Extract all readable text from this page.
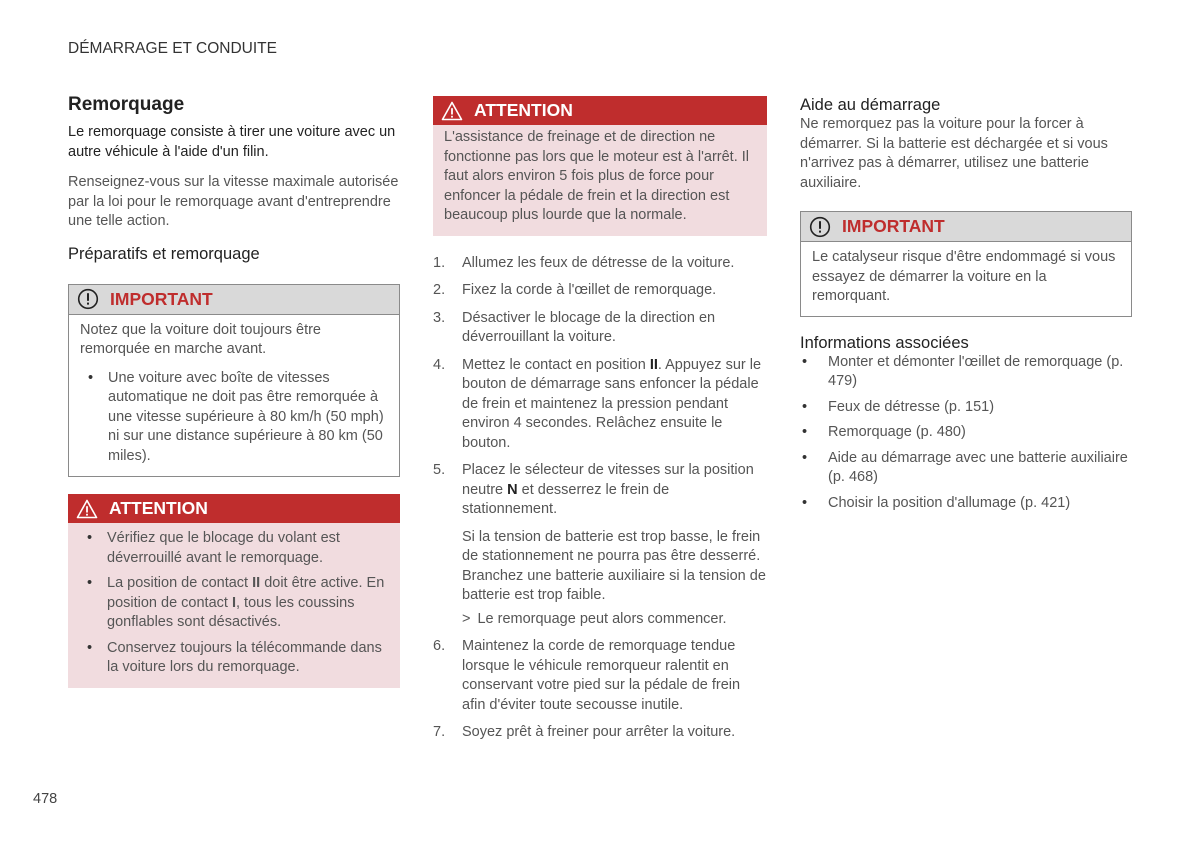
DÉMARRAGE ET CONDUITE
Remorquage

Le remorquage consiste à tirer une voiture avec un autre véhicule à l'aide d'un filin.

Renseignez-vous sur la vitesse maximale autorisée par la loi pour le remorquage avant d'entreprendre une telle action.

Préparatifs et remorquage
IMPORTANT

Notez que la voiture doit toujours être remorquée en marche avant.

• Une voiture avec boîte de vitesses automatique ne doit pas être remorquée à une vitesse supérieure à 80 km/h (50 mph) ni sur une distance supérieure à 80 km (50 miles).
ATTENTION
• Vérifiez que le blocage du volant est déverrouillé avant le remorquage.
• La position de contact II doit être active. En position de contact I, tous les coussins gonflables sont désactivés.
• Conservez toujours la télécommande dans la voiture lors du remorquage.
ATTENTION

L'assistance de freinage et de direction ne fonctionne pas lors que le moteur est à l'arrêt. Il faut alors environ 5 fois plus de force pour enfoncer la pédale de frein et la direction est beaucoup plus lourde que la normale.

1. Allumez les feux de détresse de la voiture.
2. Fixez la corde à l'œillet de remorquage.
3. Désactiver le blocage de la direction en déverrouillant la voiture.
4. Mettez le contact en position II. Appuyez sur le bouton de démarrage sans enfoncer la pédale de frein et maintenez la pression pendant environ 4 secondes. Relâchez ensuite le bouton.
5. Placez le sélecteur de vitesses sur la position neutre N et desserrez le frein de stationnement.
Si la tension de batterie est trop basse, le frein de stationnement ne pourra pas être desserré. Branchez une batterie auxiliaire si la tension de batterie est trop faible.
> Le remorquage peut alors commencer.
6. Maintenez la corde de remorquage tendue lorsque le véhicule remorqueur ralentit en conservant votre pied sur la pédale de frein afin d'éviter toute secousse inutile.
7. Soyez prêt à freiner pour arrêter la voiture.
Aide au démarrage

Ne remorquez pas la voiture pour la forcer à démarrer. Si la batterie est déchargée et si vous n'arrivez pas à démarrer, utilisez une batterie auxiliaire.

IMPORTANT

Le catalyseur risque d'être endommagé si vous essayez de démarrer la voiture en la remorquant.

Informations associées
• Monter et démonter l'œillet de remorquage (p. 479)
• Feux de détresse (p. 151)
• Remorquage (p. 480)
• Aide au démarrage avec une batterie auxiliaire (p. 468)
• Choisir la position d'allumage (p. 421)
478
